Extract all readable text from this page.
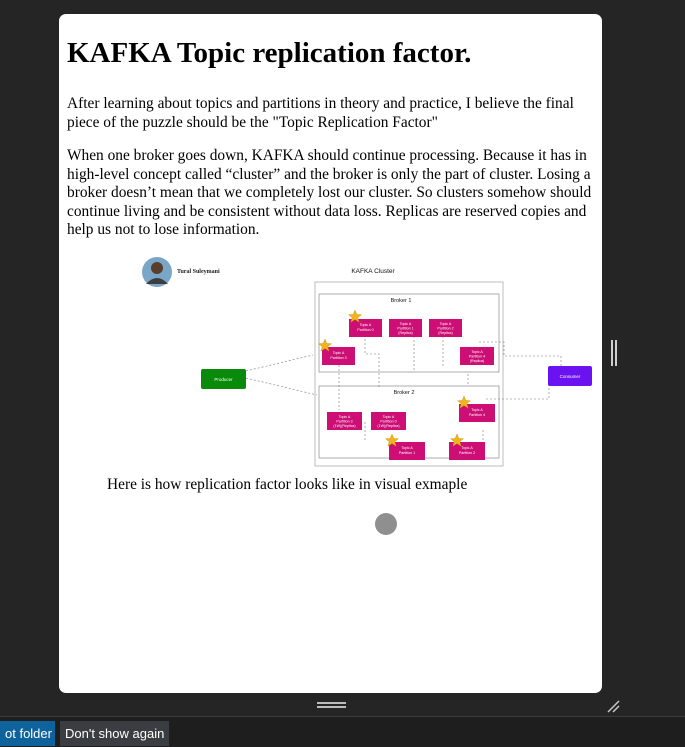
KAFKA Topic replication factor.

After learning about topics and partitions in theory and practice, I believe the final piece of the puzzle should be the "Topic Replication Factor"

When one broker goes down, KAFKA should continue processing. Because it has in high-level concept called “cluster” and the broker is only the part of cluster. Losing a broker doesn’t mean that we completely lost our cluster. So clusters somehow should continue living and be consistent without data loss. Replicas are reserved copies and help us not to lose information.

Tural Suleymani	KAFKA Cluster
Broker 1
Broker 2
Producer
Consumer
Topic A
Partition 0
Topic A
Partition 1
(Replica)
Topic A
Partition 2
(Replica)
Topic A
Partition 3
Topic A
Partition 4
(Replica)
Topic A
Partition 3
(1W)(Replica)
Topic A
Partition 0
(1W)(Replica)
Topic A
Partition 4
Topic A
Partition 1
Topic A
Partition 2
Here is how replication factor looks like in visual exmaple
ot folder	Don't show again
